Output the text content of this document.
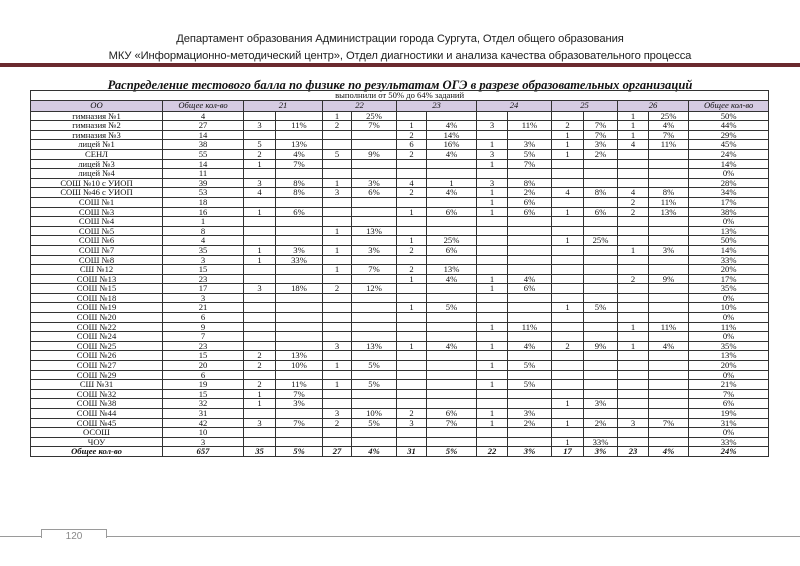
Департамент образования Администрации города Сургута, Отдел общего образования
МКУ «Информационно-методический центр», Отдел диагностики и анализа качества образовательного процесса
Распределение тестового балла по физике по результатам ОГЭ в разрезе образовательных организаций
выполнили от 50% до 64% заданий														
ОО	Общее кол-во	21		22		23		24		25		26		Общее кол-во
гимназия №1	4			1	25%							1	25%	50%
гимназия №2	27	3	11%	2	7%	1	4%	3	11%	2	7%	1	4%	44%
гимназия №3	14					2	14%			1	7%	1	7%	29%
лицей №1	38	5	13%			6	16%	1	3%	1	3%	4	11%	45%
СЕНЛ	55	2	4%	5	9%	2	4%	3	5%	1	2%			24%
лицей №3	14	1	7%					1	7%					14%
лицей №4	11													0%
СОШ №10 с УИОП	39	3	8%	1	3%	4	1	3	8%					28%
СОШ №46 с УИОП	53	4	8%	3	6%	2	4%	1	2%	4	8%	4	8%	34%
СОШ №1	18							1	6%			2	11%	17%
СОШ №3	16	1	6%			1	6%	1	6%	1	6%	2	13%	38%
СОШ №4	1													0%
СОШ №5	8			1	13%									13%
СОШ №6	4					1	25%			1	25%			50%
СОШ №7	35	1	3%	1	3%	2	6%					1	3%	14%
СОШ №8	3	1	33%											33%
СШ №12	15			1	7%	2	13%							20%
СОШ №13	23					1	4%	1	4%			2	9%	17%
СОШ №15	17	3	18%	2	12%			1	6%					35%
СОШ №18	3													0%
СОШ №19	21					1	5%			1	5%			10%
СОШ №20	6													0%
СОШ №22	9							1	11%			1	11%	11%
СОШ №24	7													0%
СОШ №25	23			3	13%	1	4%	1	4%	2	9%	1	4%	35%
СОШ №26	15	2	13%											13%
СОШ №27	20	2	10%	1	5%			1	5%					20%
СОШ №29	6													0%
СШ №31	19	2	11%	1	5%			1	5%					21%
СОШ №32	15	1	7%											7%
СОШ №38	32	1	3%							1	3%			6%
СОШ №44	31			3	10%	2	6%	1	3%					19%
СОШ №45	42	3	7%	2	5%	3	7%	1	2%	1	2%	3	7%	31%
ОСОШ	10													0%
ЧОУ	3									1	33%			33%
Общее кол-во	657	35	5%	27	4%	31	5%	22	3%	17	3%	23	4%	24%
120
